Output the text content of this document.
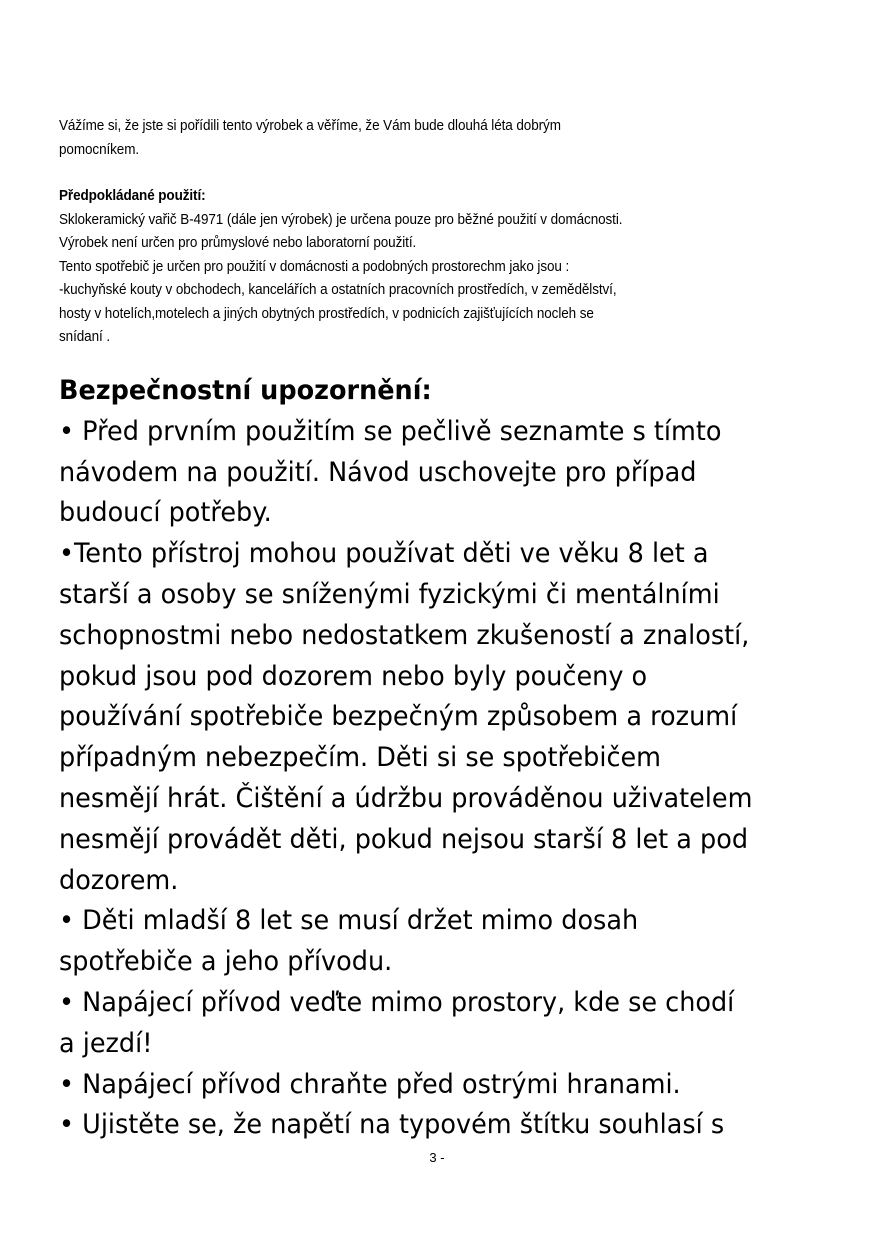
Vážíme si, že jste si pořídili tento výrobek a věříme, že Vám bude dlouhá léta dobrým
pomocníkem.
Předpokládané použití:
Sklokeramický vařič B-4971 (dále jen výrobek) je určena pouze pro běžné použití v domácnosti.
Výrobek není určen pro průmyslové nebo laboratorní použití.
Tento spotřebič je určen pro použití v domácnosti a podobných prostorechm jako jsou :
-kuchyňské kouty v obchodech, kancelářích a ostatních pracovních prostředích, v zemědělství,
hosty v hotelích,motelech a jiných obytných prostředích, v podnicích zajišťujících nocleh se
snídaní .
Bezpečnostní upozornění:
• Před prvním použitím se pečlivě seznamte s tímto
návodem na použití. Návod uschovejte pro případ
budoucí potřeby.
•Tento přístroj mohou používat děti ve věku 8 let a
starší a osoby se sníženými fyzickými či mentálními
schopnostmi nebo nedostatkem zkušeností a znalostí,
pokud jsou pod dozorem nebo byly poučeny o
používání spotřebiče bezpečným způsobem a rozumí
případným nebezpečím. Děti si se spotřebičem
nesmějí hrát. Čištění a údržbu prováděnou uživatelem
nesmějí provádět děti, pokud nejsou starší 8 let a pod
dozorem.
• Děti mladší 8 let se musí držet mimo dosah
spotřebiče a jeho přívodu.
• Napájecí přívod veďte mimo prostory, kde se chodí
a jezdí!
• Napájecí přívod chraňte před ostrými hranami.
• Ujistěte se, že napětí na typovém štítku souhlasí s
3 -
